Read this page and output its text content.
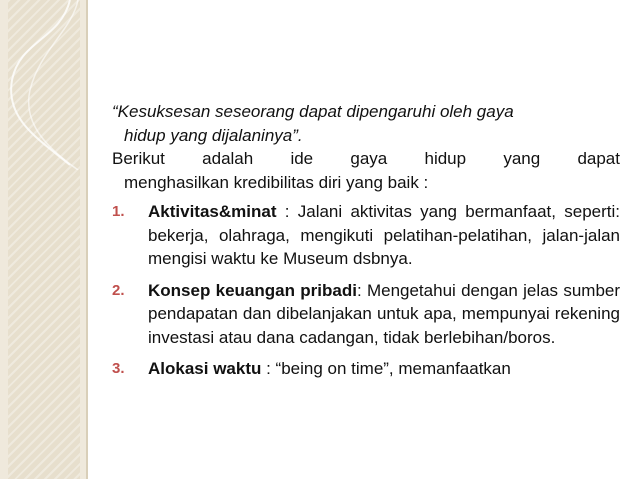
“Kesuksesan seseorang dapat dipengaruhi oleh gaya
hidup yang dijalaninya”.
Berikut adalah ide gaya hidup yang dapat
menghasilkan kredibilitas diri yang baik :
1. Aktivitas&minat : Jalani aktivitas yang bermanfaat, seperti: bekerja, olahraga, mengikuti pelatihan-pelatihan, jalan-jalan mengisi waktu ke Museum dsbnya.
2. Konsep keuangan pribadi: Mengetahui dengan jelas sumber pendapatan dan dibelanjakan untuk apa, mempunyai rekening investasi atau dana cadangan, tidak berlebihan/boros.
3. Alokasi waktu : “being on time”, memanfaatkan
